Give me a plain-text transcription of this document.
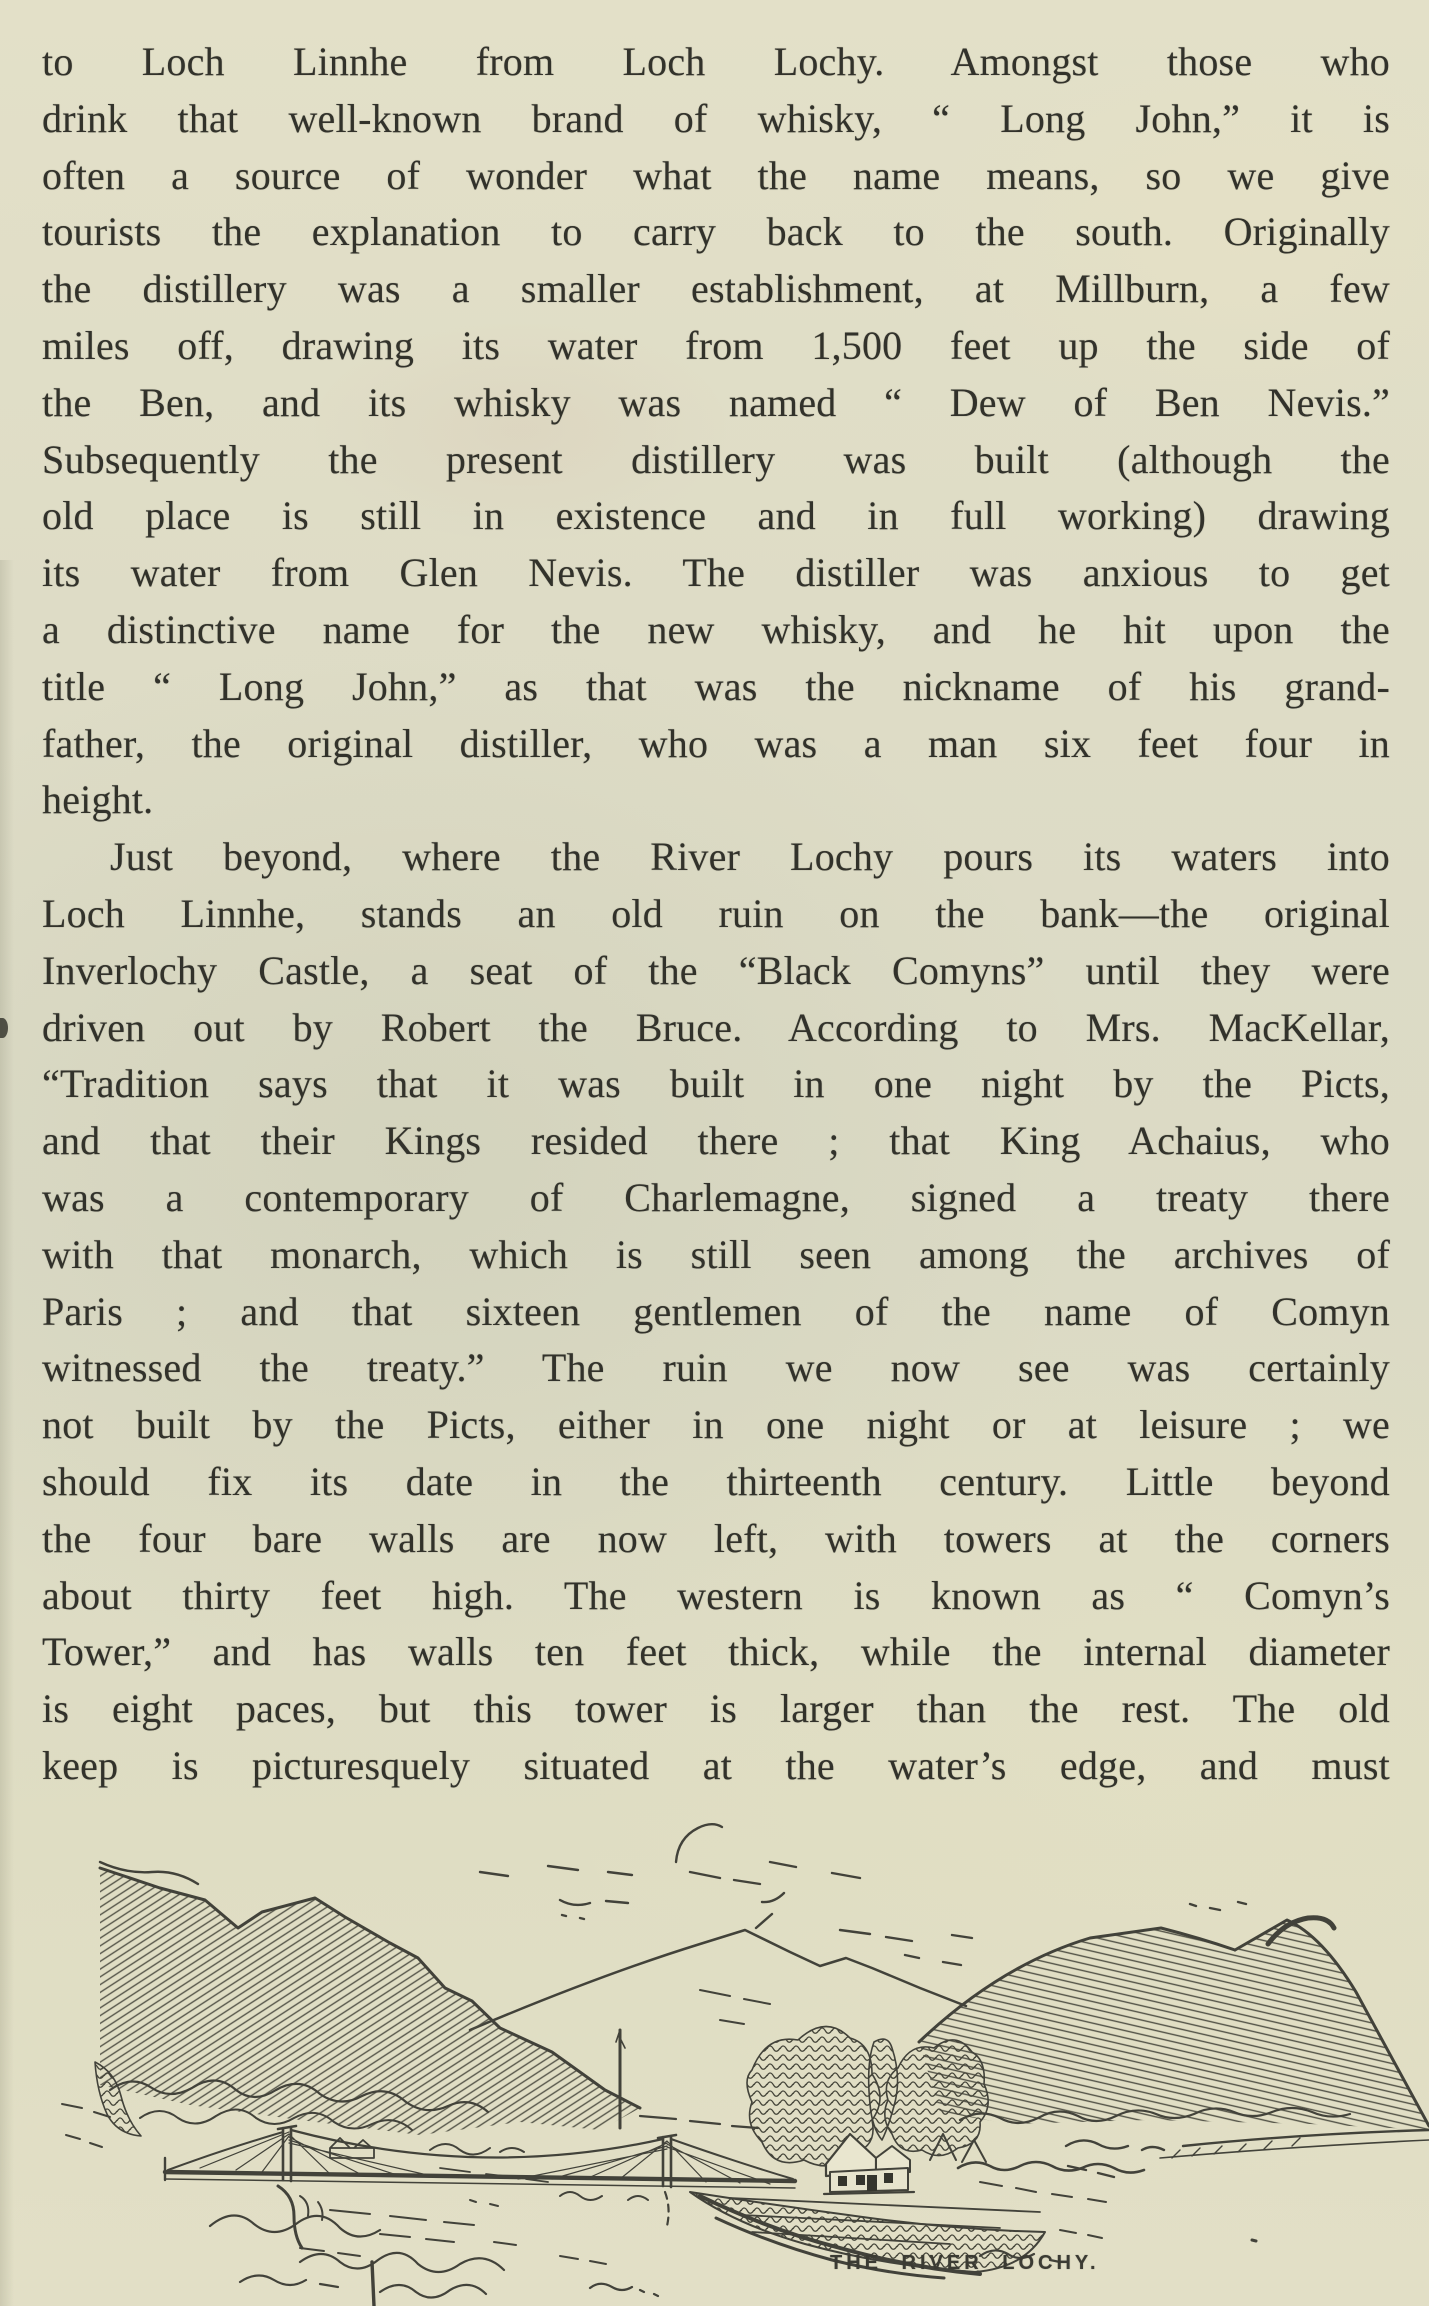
to Loch Linnhe from Loch Lochy. Amongst those who
drink that well-known brand of whisky, “ Long John,” it is
often a source of wonder what the name means, so we give
tourists the explanation to carry back to the south. Originally
the distillery was a smaller establishment, at Millburn, a few
miles off, drawing its water from 1,500 feet up the side of
the Ben, and its whisky was named “ Dew of Ben Nevis.”
Subsequently the present distillery was built (although the
old place is still in existence and in full working) drawing
its water from Glen Nevis. The distiller was anxious to get
a distinctive name for the new whisky, and he hit upon the
title “ Long John,” as that was the nickname of his grand-
father, the original distiller, who was a man six feet four in
height.
Just beyond, where the River Lochy pours its waters into
Loch Linnhe, stands an old ruin on the bank—the original
Inverlochy Castle, a seat of the “Black Comyns” until they were
driven out by Robert the Bruce. According to Mrs. MacKellar,
“Tradition says that it was built in one night by the Picts,
and that their Kings resided there ; that King Achaius, who
was a contemporary of Charlemagne, signed a treaty there
with that monarch, which is still seen among the archives of
Paris ; and that sixteen gentlemen of the name of Comyn
witnessed the treaty.” The ruin we now see was certainly
not built by the Picts, either in one night or at leisure ; we
should fix its date in the thirteenth century. Little beyond
the four bare walls are now left, with towers at the corners
about thirty feet high. The western is known as “ Comyn’s
Tower,” and has walls ten feet thick, while the internal diameter
is eight paces, but this tower is larger than the rest. The old
keep is picturesquely situated at the water’s edge, and must
THE RIVER LOCHY.
